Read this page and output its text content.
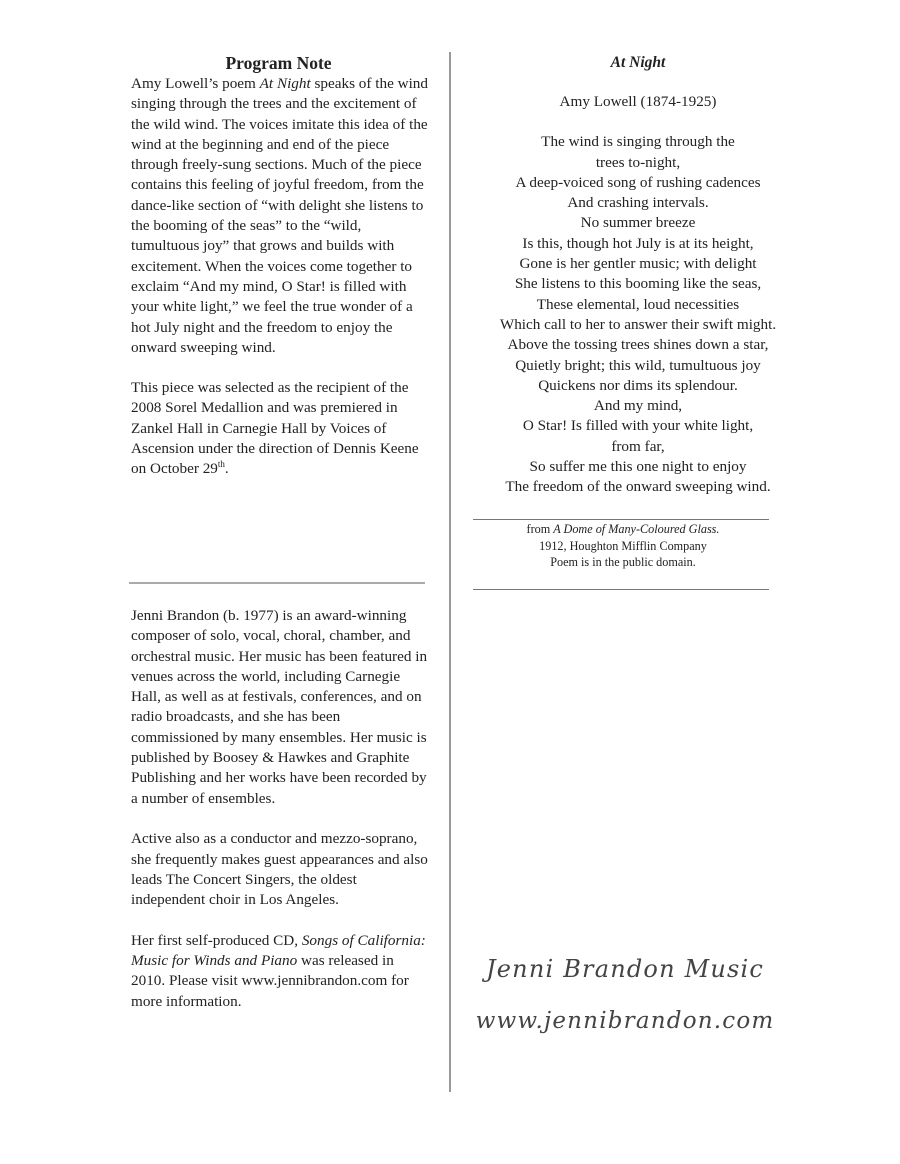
Program Note

Amy Lowell’s poem At Night speaks of the wind singing through the trees and the excitement of the wild wind. The voices imitate this idea of the wind at the beginning and end of the piece through freely-sung sections. Much of the piece contains this feeling of joyful freedom, from the dance-like section of “with delight she listens to the booming of the seas” to the “wild, tumultuous joy” that grows and builds with excitement. When the voices come together to exclaim “And my mind, O Star! is filled with your white light,” we feel the true wonder of a hot July night and the freedom to enjoy the onward sweeping wind.

This piece was selected as the recipient of the 2008 Sorel Medallion and was premiered in Zankel Hall in Carnegie Hall by Voices of Ascension under the direction of Dennis Keene on October 29th.

Jenni Brandon (b. 1977) is an award-winning composer of solo, vocal, choral, chamber, and orchestral music. Her music has been featured in venues across the world, including Carnegie Hall, as well as at festivals, conferences, and on radio broadcasts, and she has been commissioned by many ensembles. Her music is published by Boosey & Hawkes and Graphite Publishing and her works have been recorded by a number of ensembles.

Active also as a conductor and mezzo-soprano, she frequently makes guest appearances and also leads The Concert Singers, the oldest independent choir in Los Angeles.

Her first self-produced CD, Songs of California: Music for Winds and Piano was released in 2010. Please visit www.jennibrandon.com for more information.

At Night

Amy Lowell (1874-1925)

The wind is singing through the
trees to-night,
A deep-voiced song of rushing cadences
And crashing intervals.
No summer breeze
Is this, though hot July is at its height,
Gone is her gentler music; with delight
She listens to this booming like the seas,
These elemental, loud necessities
Which call to her to answer their swift might.
Above the tossing trees shines down a star,
Quietly bright; this wild, tumultuous joy
Quickens nor dims its splendour.
And my mind,
O Star! Is filled with your white light,
from far,
So suffer me this one night to enjoy
The freedom of the onward sweeping wind.
from A Dome of Many-Coloured Glass.
1912, Houghton Mifflin Company
Poem is in the public domain.
Jenni Brandon Music
www.jennibrandon.com
